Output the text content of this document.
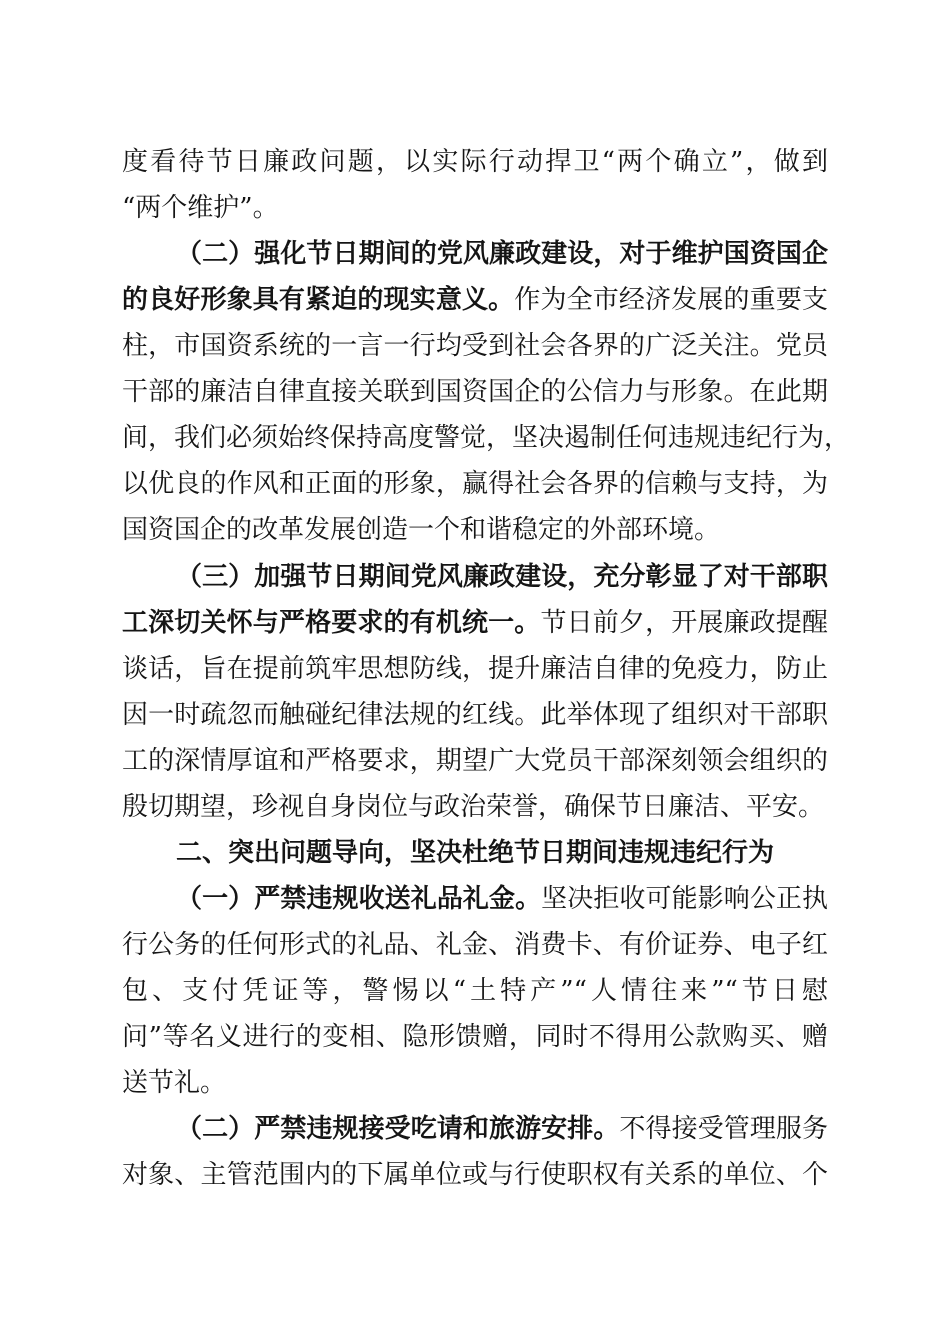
度看待节日廉政问题，以实际行动捍卫“两个确立”，做到
“两个维护”。
（二）强化节日期间的党风廉政建设，对于维护国资国企
的良好形象具有紧迫的现实意义。作为全市经济发展的重要支
柱，市国资系统的一言一行均受到社会各界的广泛关注。党员
干部的廉洁自律直接关联到国资国企的公信力与形象。在此期
间，我们必须始终保持高度警觉，坚决遏制任何违规违纪行为，
以优良的作风和正面的形象，赢得社会各界的信赖与支持，为
国资国企的改革发展创造一个和谐稳定的外部环境。
（三）加强节日期间党风廉政建设，充分彰显了对干部职
工深切关怀与严格要求的有机统一。节日前夕，开展廉政提醒
谈话，旨在提前筑牢思想防线，提升廉洁自律的免疫力，防止
因一时疏忽而触碰纪律法规的红线。此举体现了组织对干部职
工的深情厚谊和严格要求，期望广大党员干部深刻领会组织的
殷切期望，珍视自身岗位与政治荣誉，确保节日廉洁、平安。
二、突出问题导向，坚决杜绝节日期间违规违纪行为
（一）严禁违规收送礼品礼金。坚决拒收可能影响公正执
行公务的任何形式的礼品、礼金、消费卡、有价证券、电子红
包、支付凭证等，警惕以“土特产”“人情往来”“节日慰
问”等名义进行的变相、隐形馈赠，同时不得用公款购买、赠
送节礼。
（二）严禁违规接受吃请和旅游安排。不得接受管理服务
对象、主管范围内的下属单位或与行使职权有关系的单位、个
